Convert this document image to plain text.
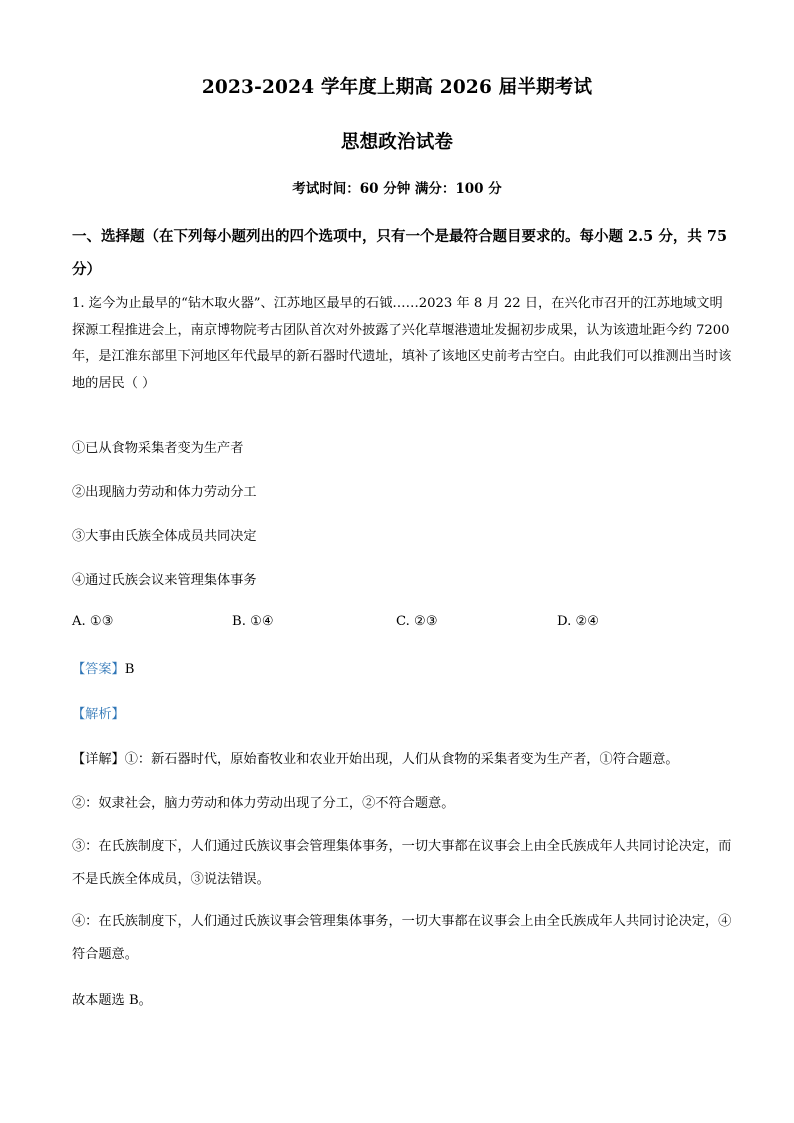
2023-2024 学年度上期高 2026 届半期考试
思想政治试卷
考试时间：60 分钟 满分：100 分
一、选择题（在下列每小题列出的四个选项中，只有一个是最符合题目要求的。每小题 2.5 分，共 75 分）
1. 迄今为止最早的“钻木取火器”、江苏地区最早的石钺……2023 年 8 月 22 日，在兴化市召开的江苏地域文明探源工程推进会上，南京博物院考古团队首次对外披露了兴化草堰港遗址发掘初步成果，认为该遗址距今约 7200 年，是江淮东部里下河地区年代最早的新石器时代遗址，填补了该地区史前考古空白。由此我们可以推测出当时该地的居民（ ）
①已从食物采集者变为生产者
②出现脑力劳动和体力劳动分工
③大事由氏族全体成员共同决定
④通过氏族会议来管理集体事务
A. ①③	B. ①④	C. ②③	D. ②④
【答案】B
【解析】
【详解】①：新石器时代，原始畜牧业和农业开始出现，人们从食物的采集者变为生产者，①符合题意。
②：奴隶社会，脑力劳动和体力劳动出现了分工，②不符合题意。
③：在氏族制度下，人们通过氏族议事会管理集体事务，一切大事都在议事会上由全氏族成年人共同讨论决定，而不是氏族全体成员，③说法错误。
④：在氏族制度下，人们通过氏族议事会管理集体事务，一切大事都在议事会上由全氏族成年人共同讨论决定，④符合题意。
故本题选 B。
